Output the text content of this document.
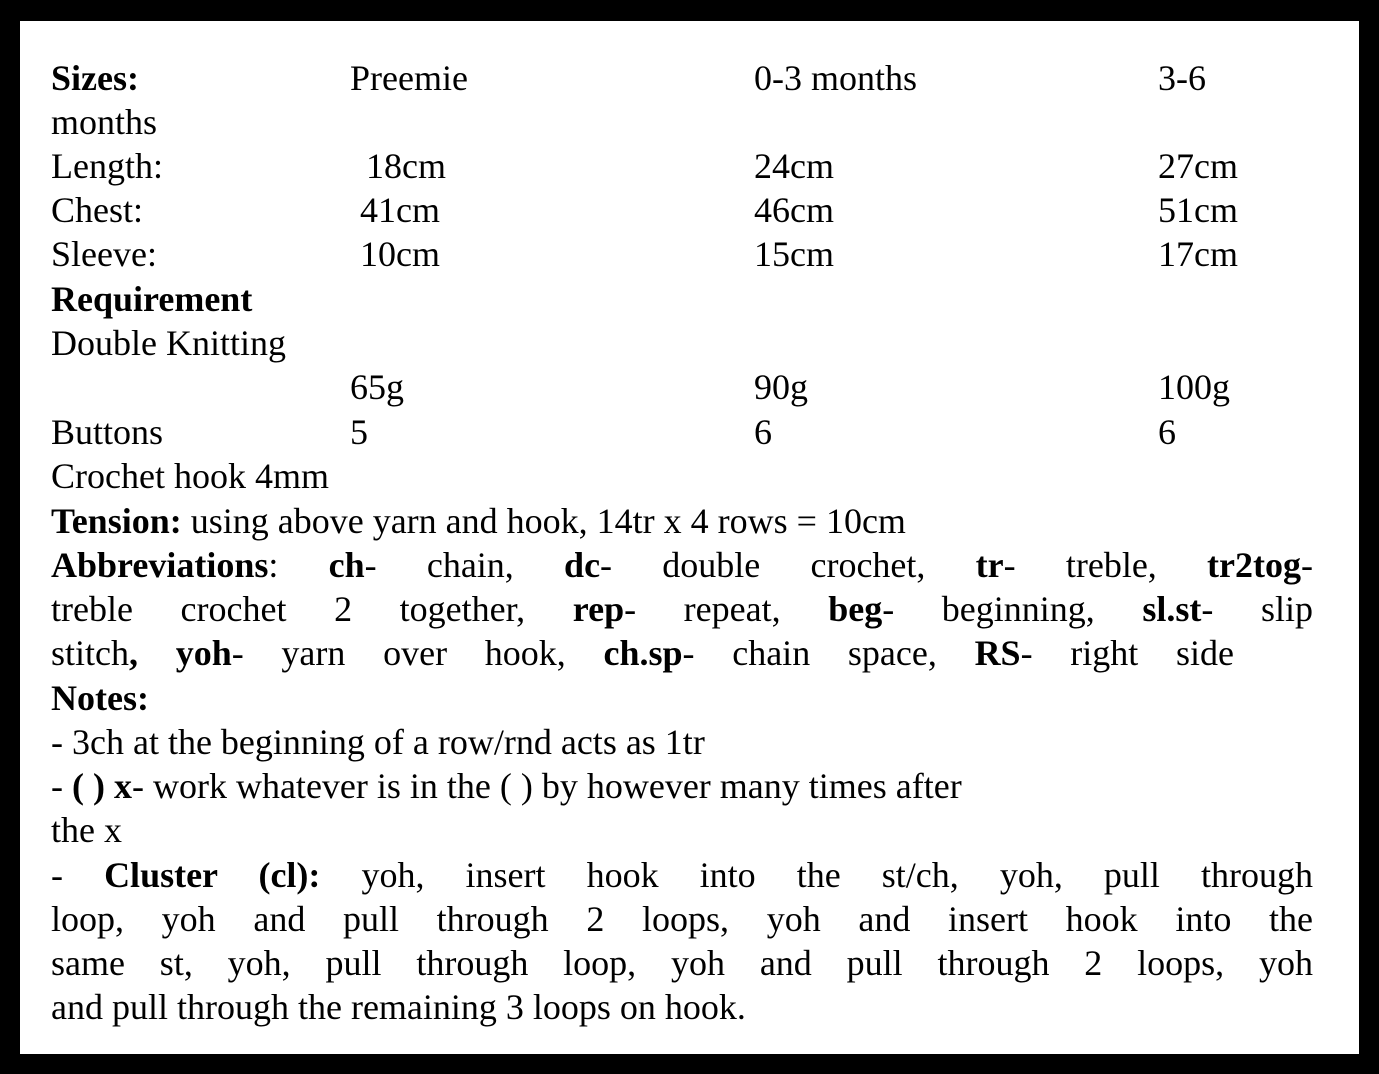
Sizes:	Preemie	0-3 months	3-6
months
Length:	18cm	24cm	27cm
Chest:	41cm	46cm	51cm
Sleeve:	10cm	15cm	17cm
Requirement
Double Knitting
65g	90g	100g
Buttons	5	6	6
Crochet hook 4mm
Tension: using above yarn and hook, 14tr x 4 rows = 10cm
Abbreviations: ch- chain, dc- double crochet, tr- treble, tr2tog-
treble crochet 2 together, rep- repeat, beg- beginning, sl.st- slip
stitch, yoh- yarn over hook, ch.sp- chain space, RS- right side
Notes:
- 3ch at the beginning of a row/rnd acts as 1tr
- ( ) x- work whatever is in the ( ) by however many times after
the x
- Cluster (cl): yoh, insert hook into the st/ch, yoh, pull through
loop, yoh and pull through 2 loops, yoh and insert hook into the
same st, yoh, pull through loop, yoh and pull through 2 loops, yoh
and pull through the remaining 3 loops on hook.
